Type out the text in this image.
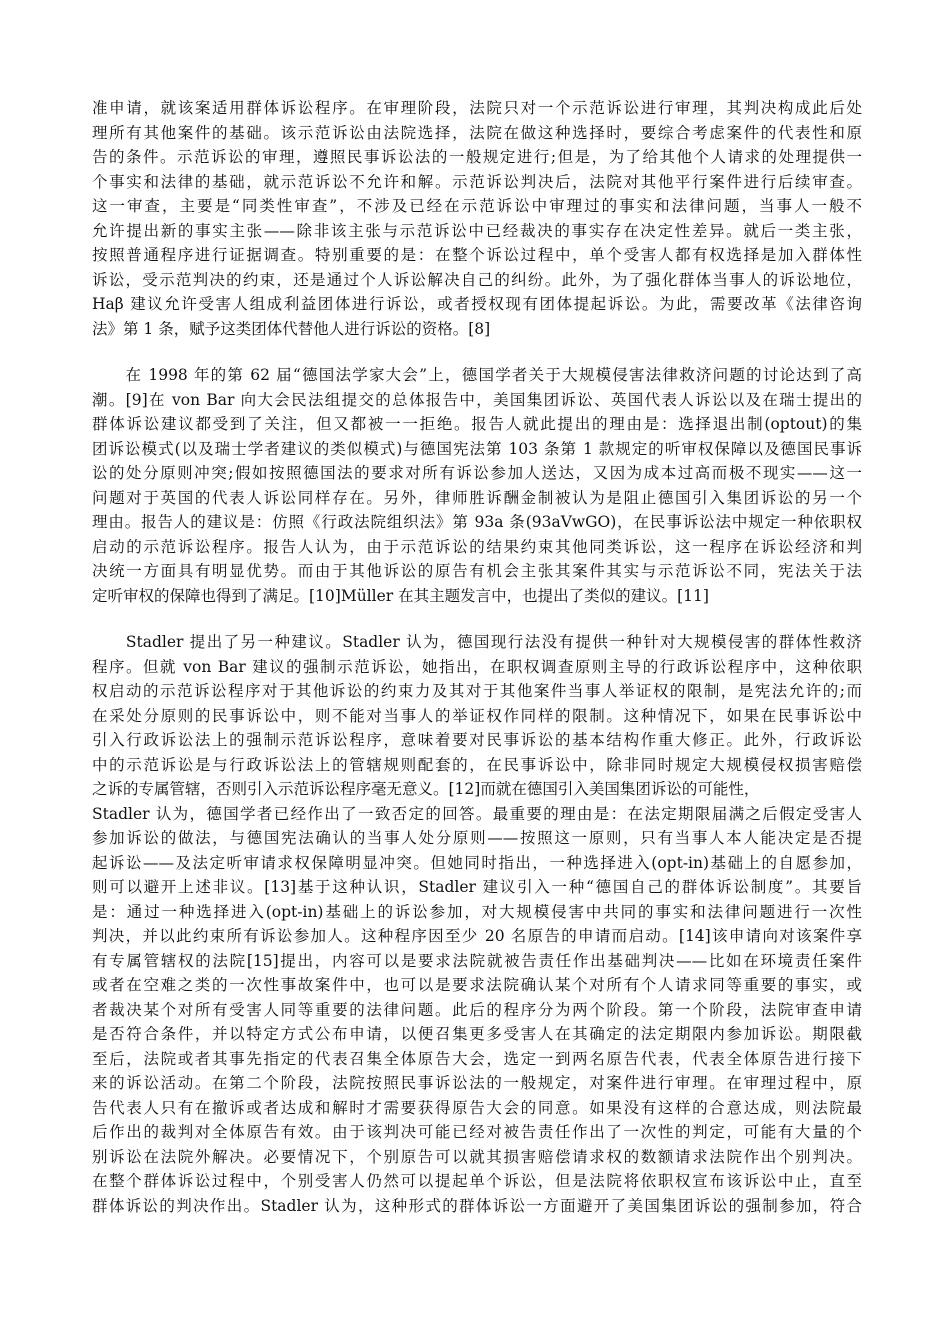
准申请，就该案适用群体诉讼程序。在审理阶段，法院只对一个示范诉讼进行审理，其判决构成此后处
理所有其他案件的基础。该示范诉讼由法院选择，法院在做这种选择时，要综合考虑案件的代表性和原
告的条件。示范诉讼的审理，遵照民事诉讼法的一般规定进行;但是，为了给其他个人请求的处理提供一
个事实和法律的基础，就示范诉讼不允许和解。示范诉讼判决后，法院对其他平行案件进行后续审查。
这一审查，主要是“同类性审查”，不涉及已经在示范诉讼中审理过的事实和法律问题，当事人一般不
允许提出新的事实主张——除非该主张与示范诉讼中已经裁决的事实存在决定性差异。就后一类主张，
按照普通程序进行证据调查。特别重要的是：在整个诉讼过程中，单个受害人都有权选择是加入群体性
诉讼，受示范判决的约束，还是通过个人诉讼解决自己的纠纷。此外，为了强化群体当事人的诉讼地位，
Haβ 建议允许受害人组成利益团体进行诉讼，或者授权现有团体提起诉讼。为此，需要改革《法律咨询
法》第 1 条，赋予这类团体代替他人进行诉讼的资格。[8]
　　在 1998 年的第 62 届“德国法学家大会”上，德国学者关于大规模侵害法律救济问题的讨论达到了高
潮。[9]在 von Bar 向大会民法组提交的总体报告中，美国集团诉讼、英国代表人诉讼以及在瑞士提出的
群体诉讼建议都受到了关注，但又都被一一拒绝。报告人就此提出的理由是：选择退出制(optout)的集
团诉讼模式(以及瑞士学者建议的类似模式)与德国宪法第 103 条第 1 款规定的听审权保障以及德国民事诉
讼的处分原则冲突;假如按照德国法的要求对所有诉讼参加人送达，又因为成本过高而极不现实——这一
问题对于英国的代表人诉讼同样存在。另外，律师胜诉酬金制被认为是阻止德国引入集团诉讼的另一个
理由。报告人的建议是：仿照《行政法院组织法》第 93a 条(93aVwGO)，在民事诉讼法中规定一种依职权
启动的示范诉讼程序。报告人认为，由于示范诉讼的结果约束其他同类诉讼，这一程序在诉讼经济和判
决统一方面具有明显优势。而由于其他诉讼的原告有机会主张其案件其实与示范诉讼不同，宪法关于法
定听审权的保障也得到了满足。[10]Müller 在其主题发言中，也提出了类似的建议。[11]
　　Stadler 提出了另一种建议。Stadler 认为，德国现行法没有提供一种针对大规模侵害的群体性救济
程序。但就 von Bar 建议的强制示范诉讼，她指出，在职权调查原则主导的行政诉讼程序中，这种依职
权启动的示范诉讼程序对于其他诉讼的约束力及其对于其他案件当事人举证权的限制，是宪法允许的;而
在采处分原则的民事诉讼中，则不能对当事人的举证权作同样的限制。这种情况下，如果在民事诉讼中
引入行政诉讼法上的强制示范诉讼程序，意味着要对民事诉讼的基本结构作重大修正。此外，行政诉讼
中的示范诉讼是与行政诉讼法上的管辖规则配套的，在民事诉讼中，除非同时规定大规模侵权损害赔偿
之诉的专属管辖，否则引入示范诉讼程序毫无意义。[12]而就在德国引入美国集团诉讼的可能性，
Stadler 认为，德国学者已经作出了一致否定的回答。最重要的理由是：在法定期限届满之后假定受害人
参加诉讼的做法，与德国宪法确认的当事人处分原则——按照这一原则，只有当事人本人能决定是否提
起诉讼——及法定听审请求权保障明显冲突。但她同时指出，一种选择进入(opt-in)基础上的自愿参加，
则可以避开上述非议。[13]基于这种认识，Stadler 建议引入一种“德国自己的群体诉讼制度”。其要旨
是：通过一种选择进入(opt-in)基础上的诉讼参加，对大规模侵害中共同的事实和法律问题进行一次性
判决，并以此约束所有诉讼参加人。这种程序因至少 20 名原告的申请而启动。[14]该申请向对该案件享
有专属管辖权的法院[15]提出，内容可以是要求法院就被告责任作出基础判决——比如在环境责任案件
或者在空难之类的一次性事故案件中，也可以是要求法院确认某个对所有个人请求同等重要的事实，或
者裁决某个对所有受害人同等重要的法律问题。此后的程序分为两个阶段。第一个阶段，法院审查申请
是否符合条件，并以特定方式公布申请，以便召集更多受害人在其确定的法定期限内参加诉讼。期限截
至后，法院或者其事先指定的代表召集全体原告大会，选定一到两名原告代表，代表全体原告进行接下
来的诉讼活动。在第二个阶段，法院按照民事诉讼法的一般规定，对案件进行审理。在审理过程中，原
告代表人只有在撤诉或者达成和解时才需要获得原告大会的同意。如果没有这样的合意达成，则法院最
后作出的裁判对全体原告有效。由于该判决可能已经对被告责任作出了一次性的判定，可能有大量的个
别诉讼在法院外解决。必要情况下，个别原告可以就其损害赔偿请求权的数额请求法院作出个别判决。
在整个群体诉讼过程中，个别受害人仍然可以提起单个诉讼，但是法院将依职权宣布该诉讼中止，直至
群体诉讼的判决作出。Stadler 认为，这种形式的群体诉讼一方面避开了美国集团诉讼的强制参加，符合
